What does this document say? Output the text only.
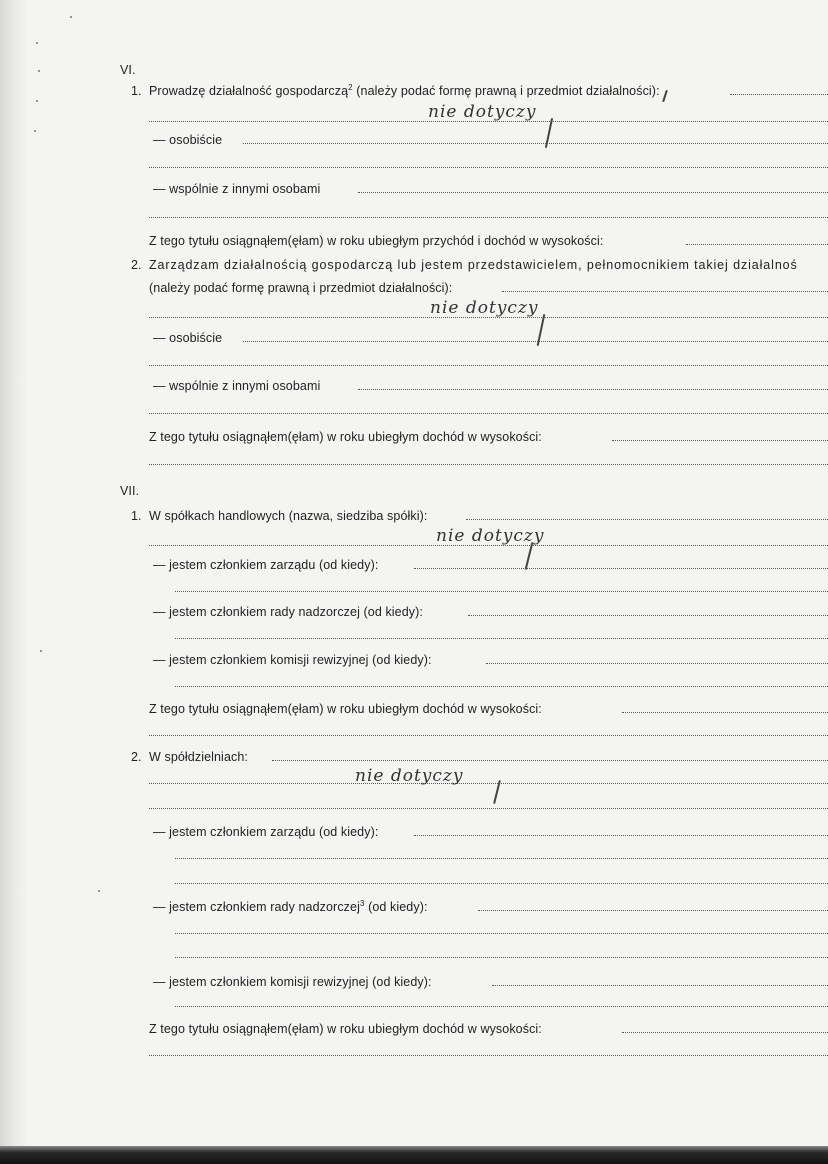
VI.
1. Prowadzę działalność gospodarczą$^2$ (należy podać formę prawną i przedmiot działalności):
nie dotyczy
— osobiście
— wspólnie z innymi osobami
Z tego tytułu osiągnąłem(ęłam) w roku ubiegłym przychód i dochód w wysokości:
2. Zarządzam działalnością gospodarczą lub jestem przedstawicielem, pełnomocnikiem takiej działalnoś
(należy podać formę prawną i przedmiot działalności):
nie dotyczy
— osobiście
— wspólnie z innymi osobami
Z tego tytułu osiągnąłem(ęłam) w roku ubiegłym dochód w wysokości:
VII.
1. W spółkach handlowych (nazwa, siedziba spółki):
nie dotyczy
— jestem członkiem zarządu (od kiedy):
— jestem członkiem rady nadzorczej (od kiedy):
— jestem członkiem komisji rewizyjnej (od kiedy):
Z tego tytułu osiągnąłem(ęłam) w roku ubiegłym dochód w wysokości:
2. W spółdzielniach:
nie dotyczy
— jestem członkiem zarządu (od kiedy):
— jestem członkiem rady nadzorczej$^3$ (od kiedy):
— jestem członkiem komisji rewizyjnej (od kiedy):
Z tego tytułu osiągnąłem(ęłam) w roku ubiegłym dochód w wysokości:
